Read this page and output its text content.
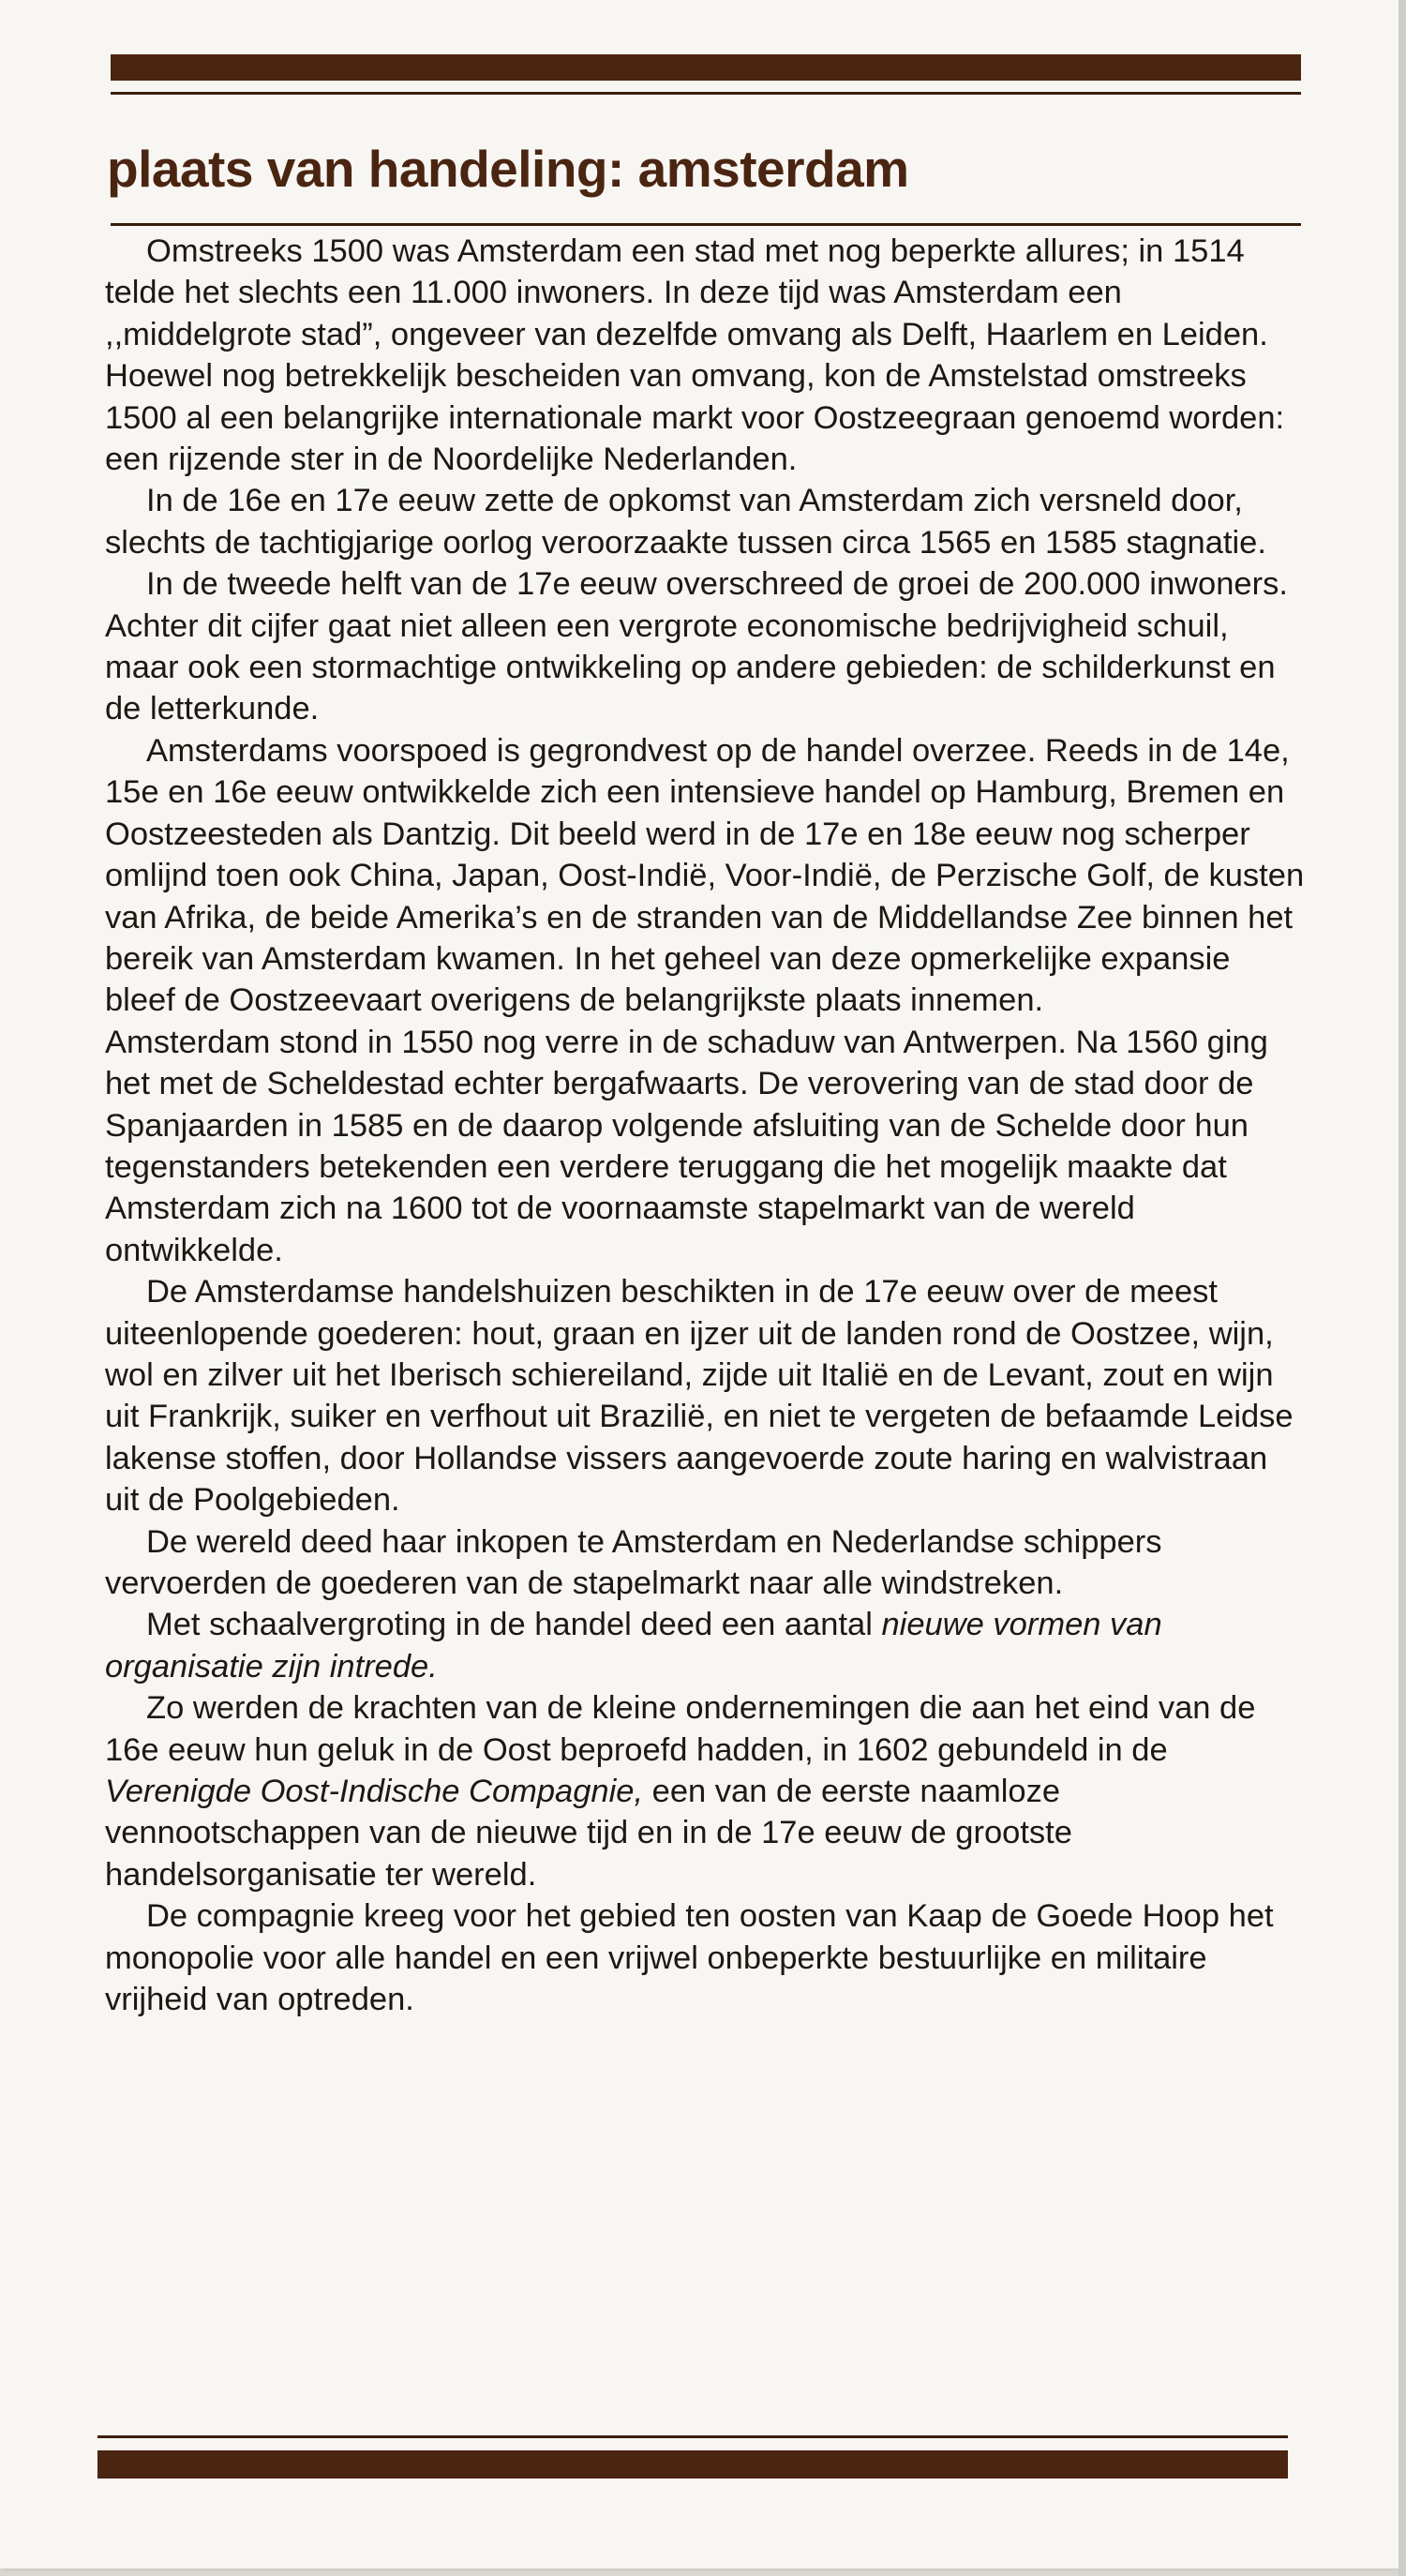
plaats van handeling: amsterdam

Omstreeks 1500 was Amsterdam een stad met nog beperkte allures; in 1514 telde het slechts een 11.000 inwoners. In deze tijd was Amsterdam een ,,middelgrote stad”, ongeveer van dezelfde omvang als Delft, Haarlem en Leiden.

Hoewel nog betrekkelijk bescheiden van omvang, kon de Amstelstad omstreeks 1500 al een belangrijke internationale markt voor Oostzeegraan genoemd worden: een rijzende ster in de Noordelijke Nederlanden.

In de 16e en 17e eeuw zette de opkomst van Amsterdam zich versneld door, slechts de tachtigjarige oorlog veroorzaakte tussen circa 1565 en 1585 stagnatie.

In de tweede helft van de 17e eeuw overschreed de groei de 200.000 inwoners. Achter dit cijfer gaat niet alleen een vergrote economische bedrijvigheid schuil, maar ook een stormachtige ontwikkeling op andere gebieden: de schilderkunst en de letterkunde.

Amsterdams voorspoed is gegrondvest op de handel overzee. Reeds in de 14e, 15e en 16e eeuw ontwikkelde zich een intensieve handel op Hamburg, Bremen en Oostzeesteden als Dantzig. Dit beeld werd in de 17e en 18e eeuw nog scherper omlijnd toen ook China, Japan, Oost-Indië, Voor-Indië, de Perzische Golf, de kusten van Afrika, de beide Amerika’s en de stranden van de Middellandse Zee binnen het bereik van Amsterdam kwamen. In het geheel van deze opmerkelijke expansie bleef de Oostzeevaart overigens de belangrijkste plaats innemen.

Amsterdam stond in 1550 nog verre in de schaduw van Antwerpen. Na 1560 ging het met de Scheldestad echter bergafwaarts. De verovering van de stad door de Spanjaarden in 1585 en de daarop volgende afsluiting van de Schelde door hun tegenstanders betekenden een verdere teruggang die het mogelijk maakte dat Amsterdam zich na 1600 tot de voornaamste stapelmarkt van de wereld ontwikkelde.

De Amsterdamse handelshuizen beschikten in de 17e eeuw over de meest uiteenlopende goederen: hout, graan en ijzer uit de landen rond de Oostzee, wijn, wol en zilver uit het Iberisch schiereiland, zijde uit Italië en de Levant, zout en wijn uit Frankrijk, suiker en verfhout uit Brazilië, en niet te vergeten de befaamde Leidse lakense stoffen, door Hollandse vissers aangevoerde zoute haring en walvistraan uit de Poolgebieden.

De wereld deed haar inkopen te Amsterdam en Nederlandse schippers vervoerden de goederen van de stapelmarkt naar alle windstreken.

Met schaalvergroting in de handel deed een aantal nieuwe vormen van organisatie zijn intrede.

Zo werden de krachten van de kleine ondernemingen die aan het eind van de 16e eeuw hun geluk in de Oost beproefd hadden, in 1602 gebundeld in de Verenigde Oost-Indische Compagnie, een van de eerste naamloze vennootschappen van de nieuwe tijd en in de 17e eeuw de grootste handelsorganisatie ter wereld.

De compagnie kreeg voor het gebied ten oosten van Kaap de Goede Hoop het monopolie voor alle handel en een vrijwel onbeperkte bestuurlijke en militaire vrijheid van optreden.
